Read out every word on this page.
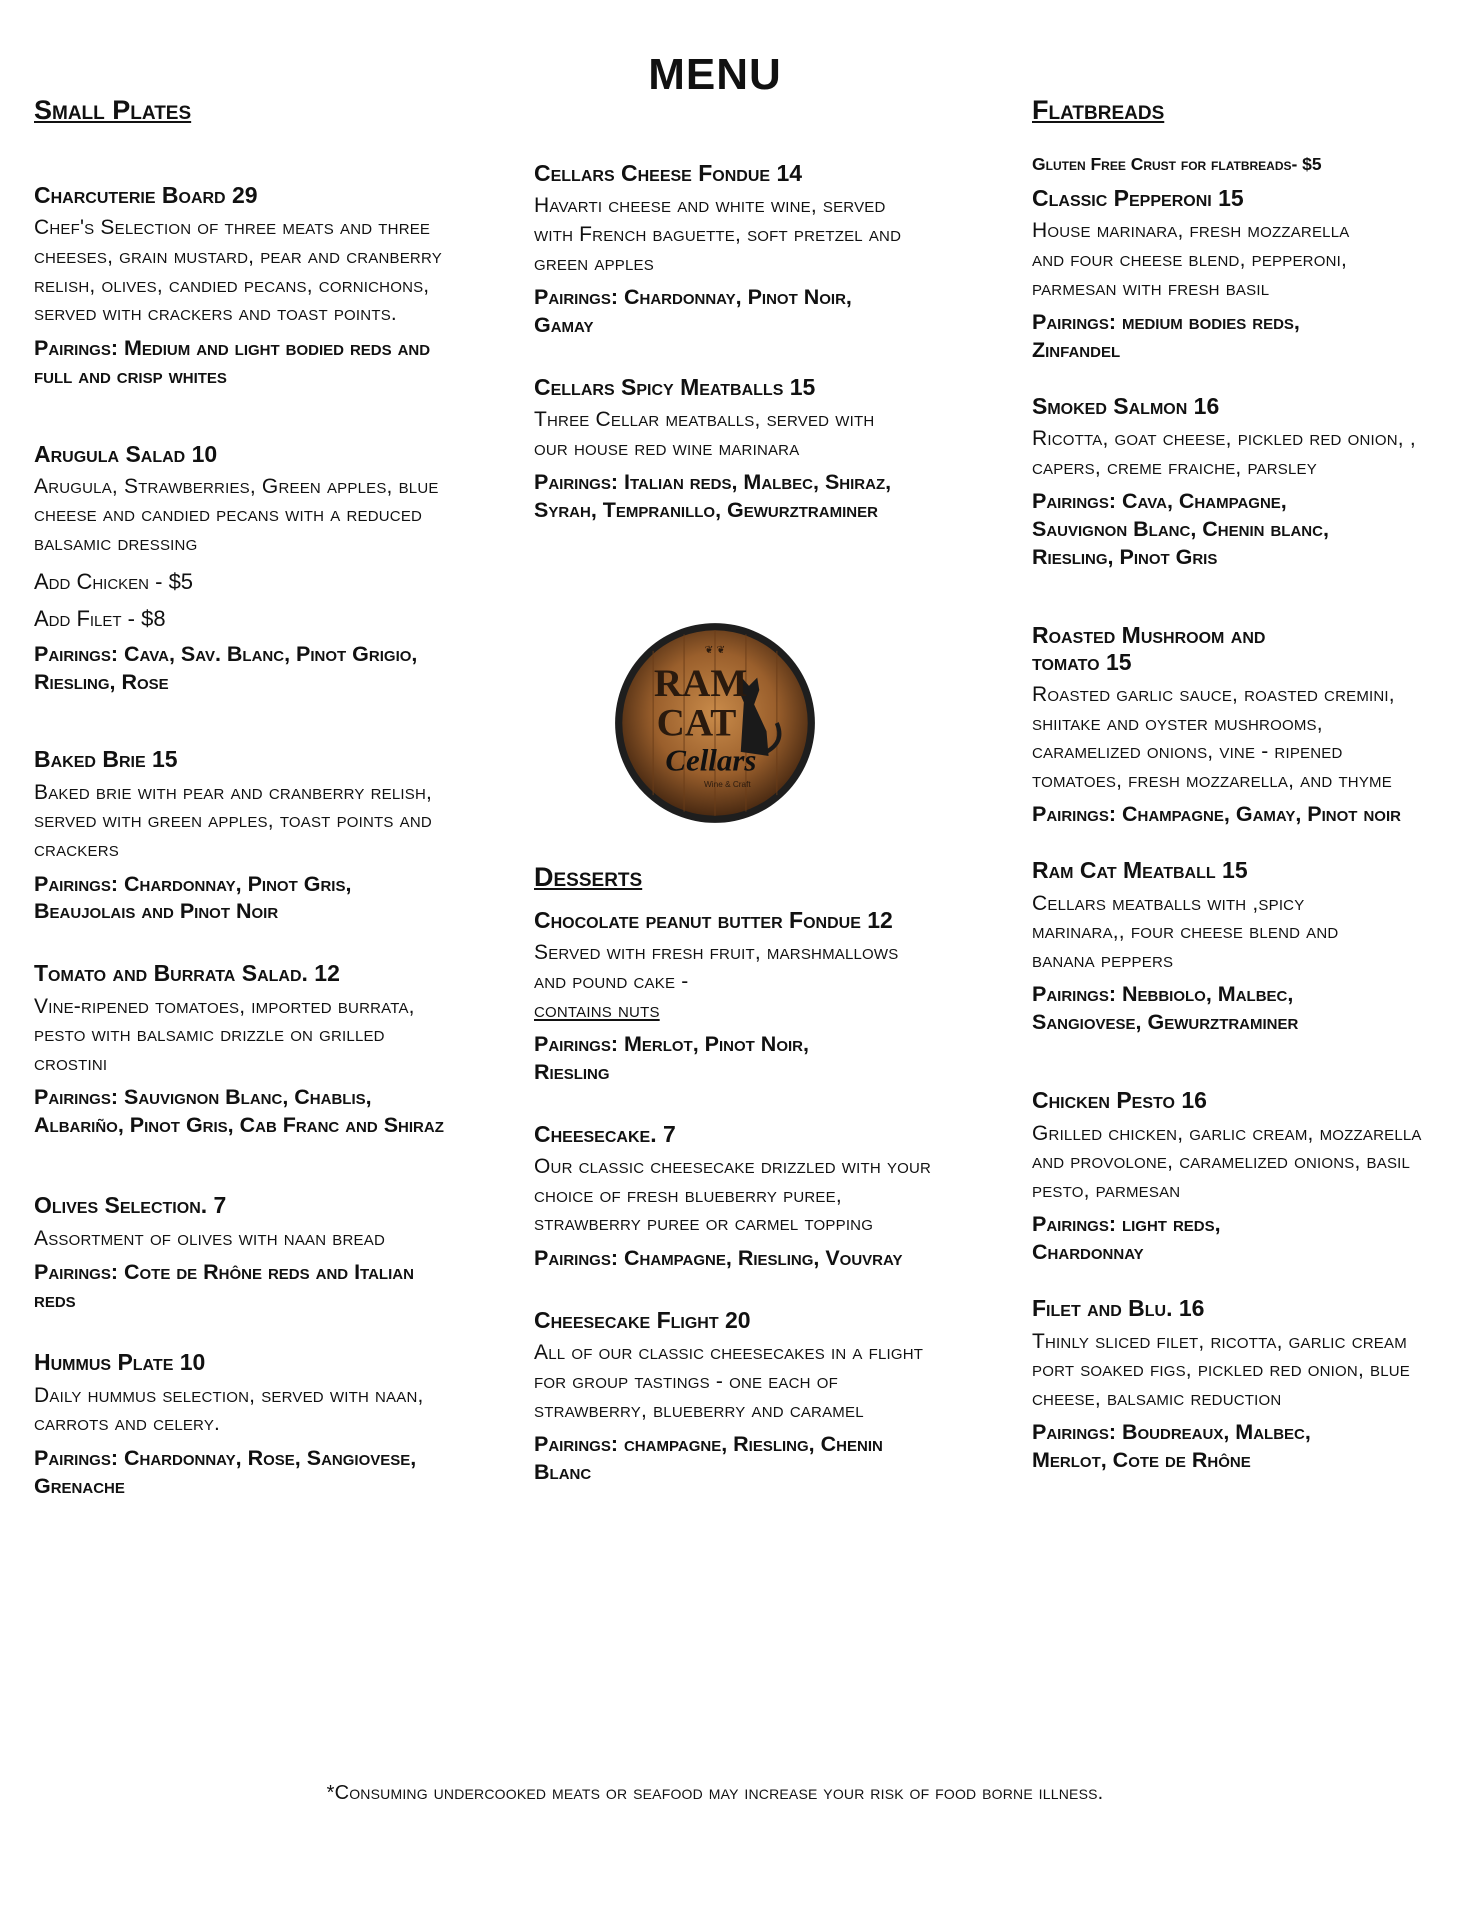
MENU
Small Plates
Charcuterie Board 29
Chef's Selection of three meats and three cheeses, grain mustard, pear and cranberry relish, olives, candied pecans, cornichons, served with crackers and toast points.
Pairings: Medium and light bodied reds and full and crisp whites
Arugula Salad 10
Arugula, Strawberries, Green apples, blue cheese and candied pecans with a reduced balsamic dressing
Add Chicken - $5
Add Filet - $8
Pairings: Cava, Sav. Blanc, Pinot Grigio, Riesling, Rose
Baked Brie 15
Baked brie with pear and cranberry relish, served with green apples, toast points and crackers
Pairings: Chardonnay, Pinot Gris, Beaujolais and Pinot Noir
Tomato and Burrata Salad. 12
Vine-ripened tomatoes, imported burrata, pesto with balsamic drizzle on grilled crostini
Pairings: Sauvignon Blanc, Chablis, Albariño, Pinot Gris, Cab Franc and Shiraz
Olives Selection. 7
Assortment of olives with naan bread
Pairings: Cote de Rhône reds and Italian reds
Hummus Plate 10
Daily hummus selection, served with naan, carrots and celery.
Pairings: Chardonnay, Rose, Sangiovese, Grenache
Cellars Cheese Fondue 14
Havarti cheese and white wine, served with French baguette, soft pretzel and green apples
Pairings: Chardonnay, Pinot Noir, Gamay
Cellars Spicy Meatballs 15
Three Cellar meatballs, served with our house red wine marinara
Pairings: Italian reds, Malbec, Shiraz, Syrah, Tempranillo, Gewurztraminer
RAM
CAT
Cellars
Wine & Craft
❦ ❦
Desserts
Chocolate peanut butter Fondue 12
Served with fresh fruit, marshmallows and pound cake -
contains nuts
Pairings: Merlot, Pinot Noir, Riesling
Cheesecake. 7
Our classic cheesecake drizzled with your choice of fresh blueberry puree, strawberry puree or carmel topping
Pairings: Champagne, Riesling, Vouvray
Cheesecake Flight 20
All of our classic cheesecakes in a flight for group tastings - one each of strawberry, blueberry and caramel
Pairings: champagne, Riesling, Chenin Blanc
Flatbreads
Gluten Free Crust for flatbreads- $5
Classic Pepperoni 15
House marinara, fresh mozzarella and four cheese blend, pepperoni, parmesan with fresh basil
Pairings: medium bodies reds, Zinfandel
Smoked Salmon 16
Ricotta, goat cheese, pickled red onion, , capers, creme fraiche, parsley
Pairings: Cava, Champagne, Sauvignon Blanc, Chenin blanc, Riesling, Pinot Gris
Roasted Mushroom and tomato 15
Roasted garlic sauce, roasted cremini, shiitake and oyster mushrooms, caramelized onions, vine - ripened tomatoes, fresh mozzarella, and thyme
Pairings: Champagne, Gamay, Pinot noir
Ram Cat Meatball 15
Cellars meatballs with ,spicy marinara,, four cheese blend and banana peppers
Pairings: Nebbiolo, Malbec, Sangiovese, Gewurztraminer
Chicken Pesto 16
Grilled chicken, garlic cream, mozzarella and provolone, caramelized onions, basil pesto, parmesan
Pairings: light reds, Chardonnay
Filet and Blu. 16
Thinly sliced filet, ricotta, garlic cream port soaked figs, pickled red onion, blue cheese, balsamic reduction
Pairings: Boudreaux, Malbec, Merlot, Cote de Rhône
*Consuming undercooked meats or seafood may increase your risk of food borne illness.
